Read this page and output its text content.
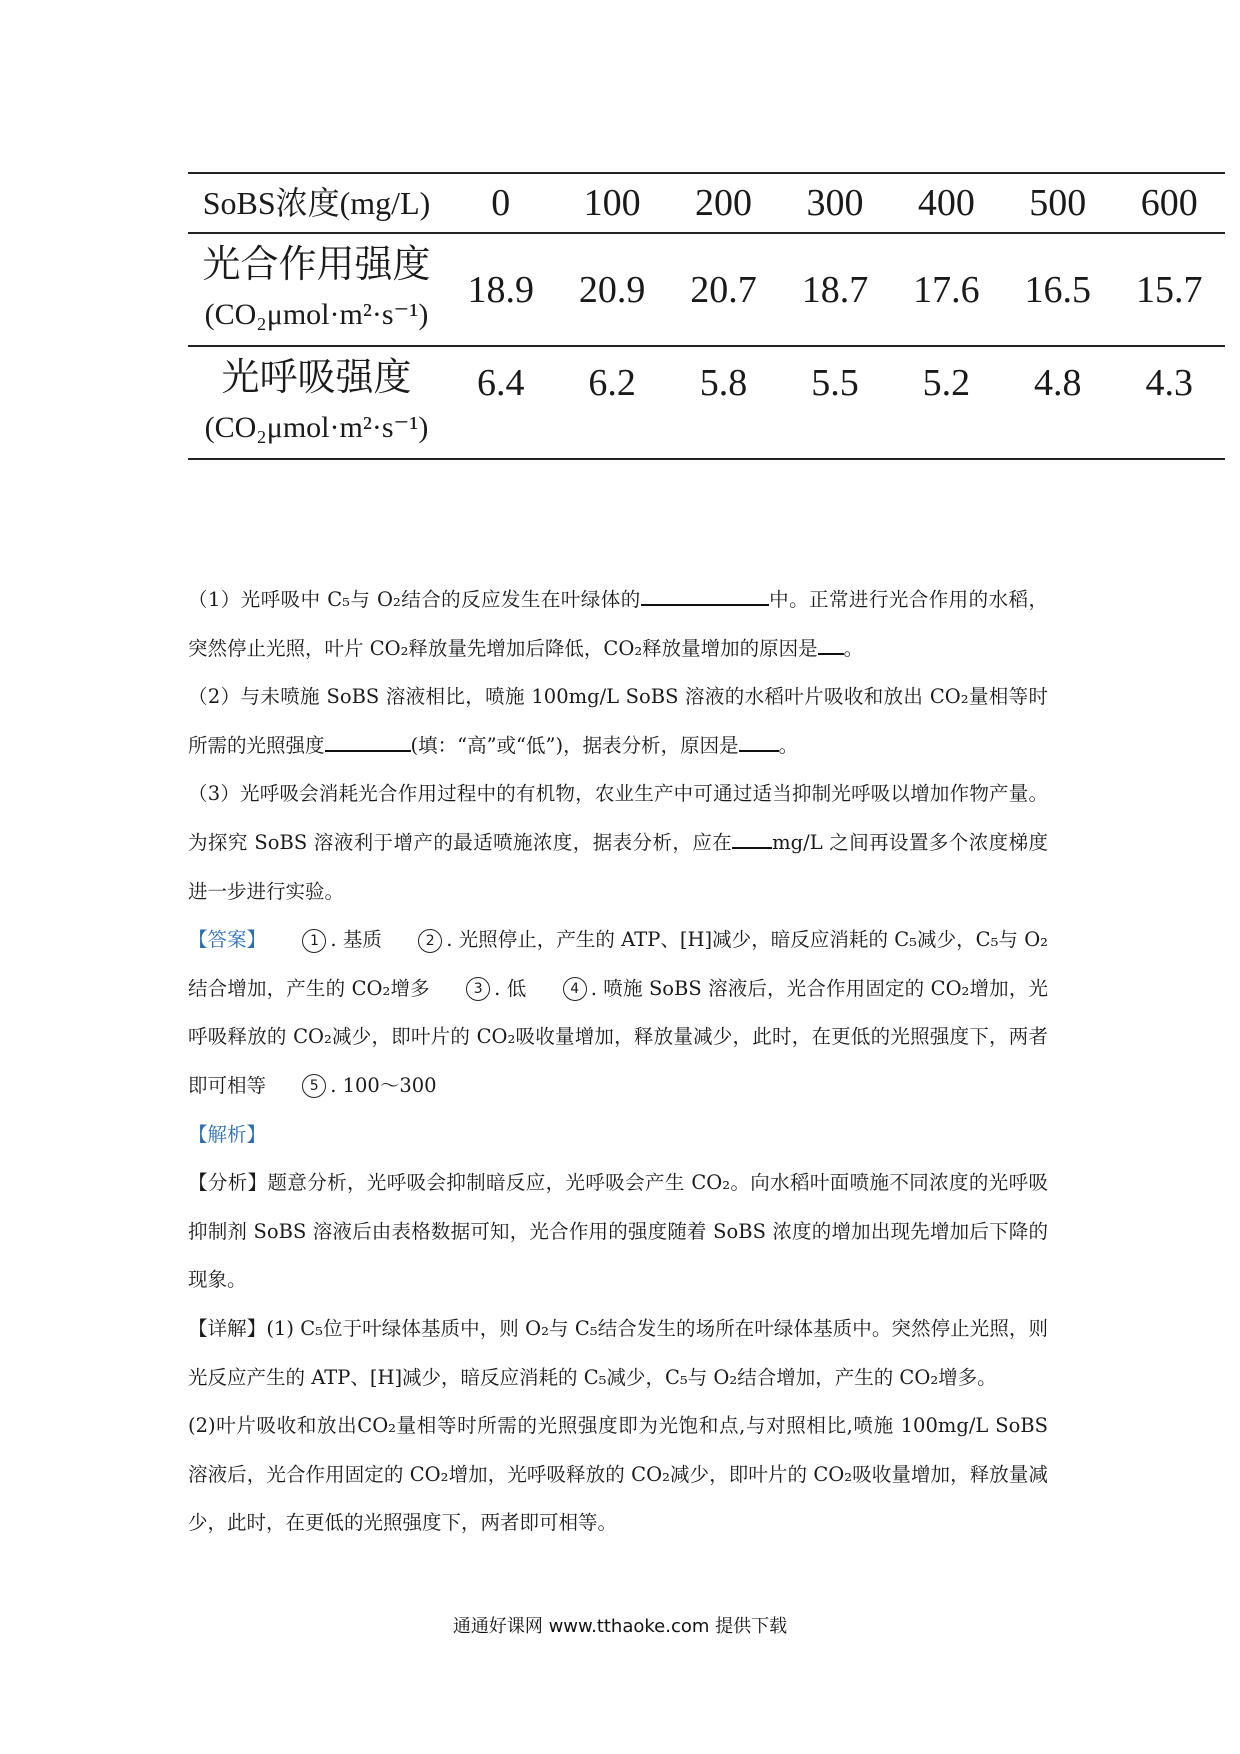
SoBS浓度(mg/L)	0	100	200	300	400	500	600

光合作用强度
(CO₂μmol·m²·s⁻¹)	18.9	20.9	20.7	18.7	17.6	16.5	15.7

光呼吸强度
(CO₂μmol·m²·s⁻¹)	6.4	6.2	5.8	5.5	5.2	4.8	4.3

（1）光呼吸中 C₅与 O₂结合的反应发生在叶绿体的	中。正常进行光合作用的水稻，突然停止光照，叶片 CO₂释放量先增加后降低，CO₂释放量增加的原因是 。

（2）与未喷施 SoBS 溶液相比，喷施 100mg/L SoBS 溶液的水稻叶片吸收和放出 CO₂量相等时所需的光照强度	(填：“高”或“低”)，据表分析，原因是 。

（3）光呼吸会消耗光合作用过程中的有机物，农业生产中可通过适当抑制光呼吸以增加作物产量。为探究 SoBS 溶液利于增产的最适喷施浓度，据表分析，应在 mg/L 之间再设置多个浓度梯度进一步进行实验。

【答案】	1 . 基质	2 . 光照停止，产生的 ATP、[H]减少，暗反应消耗的 C₅减少，C₅与 O₂结合增加，产生的 CO₂增多	3 . 低	4 . 喷施 SoBS 溶液后，光合作用固定的 CO₂增加，光呼吸释放的 CO₂减少，即叶片的 CO₂吸收量增加，释放量减少，此时，在更低的光照强度下，两者即可相等	5 . 100～300

【解析】

【分析】题意分析，光呼吸会抑制暗反应，光呼吸会产生 CO₂。向水稻叶面喷施不同浓度的光呼吸抑制剂 SoBS 溶液后由表格数据可知，光合作用的强度随着 SoBS 浓度的增加出现先增加后下降的现象。

【详解】(1) C₅位于叶绿体基质中，则 O₂与 C₅结合发生的场所在叶绿体基质中。突然停止光照，则光反应产生的 ATP、[H]减少，暗反应消耗的 C₅减少，C₅与 O₂结合增加，产生的 CO₂增多。

(2)叶片吸收和放出CO₂量相等时所需的光照强度即为光饱和点,与对照相比,喷施 100mg/L SoBS 溶液后，光合作用固定的 CO₂增加，光呼吸释放的 CO₂减少，即叶片的 CO₂吸收量增加，释放量减少，此时，在更低的光照强度下，两者即可相等。

通通好课网 www.tthaoke.com 提供下载
